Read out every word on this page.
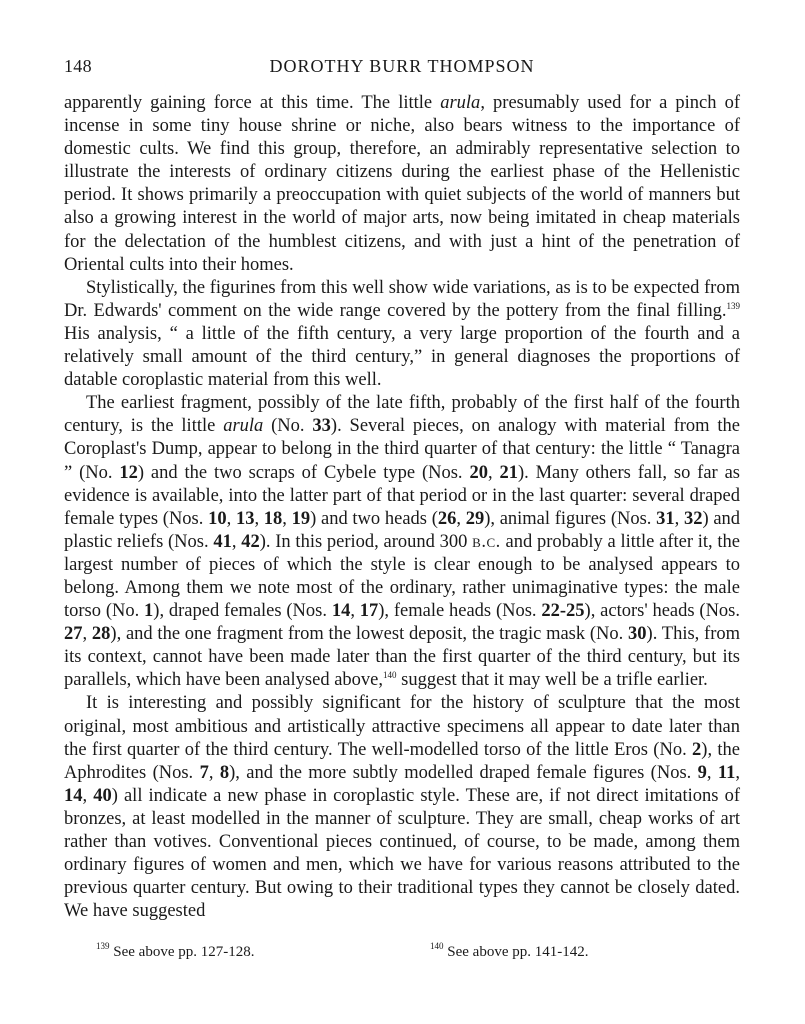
148	DOROTHY BURR THOMPSON

apparently gaining force at this time. The little arula, presumably used for a pinch of incense in some tiny house shrine or niche, also bears witness to the importance of domestic cults. We find this group, therefore, an admirably representative selection to illustrate the interests of ordinary citizens during the earliest phase of the Hellenistic period. It shows primarily a preoccupation with quiet subjects of the world of manners but also a growing interest in the world of major arts, now being imitated in cheap materials for the delectation of the humblest citizens, and with just a hint of the penetration of Oriental cults into their homes.

Stylistically, the figurines from this well show wide variations, as is to be expected from Dr. Edwards' comment on the wide range covered by the pottery from the final filling.$^{139}$ His analysis, “ a little of the fifth century, a very large proportion of the fourth and a relatively small amount of the third century,” in general diagnoses the proportions of datable coroplastic material from this well.

The earliest fragment, possibly of the late fifth, probably of the first half of the fourth century, is the little arula (No. 33). Several pieces, on analogy with material from the Coroplast's Dump, appear to belong in the third quarter of that century: the little “ Tanagra ” (No. 12) and the two scraps of Cybele type (Nos. 20, 21). Many others fall, so far as evidence is available, into the latter part of that period or in the last quarter: several draped female types (Nos. 10, 13, 18, 19) and two heads (26, 29), animal figures (Nos. 31, 32) and plastic reliefs (Nos. 41, 42). In this period, around 300 b.c. and probably a little after it, the largest number of pieces of which the style is clear enough to be analysed appears to belong. Among them we note most of the ordinary, rather unimaginative types: the male torso (No. 1), draped females (Nos. 14, 17), female heads (Nos. 22-25), actors' heads (Nos. 27, 28), and the one fragment from the lowest deposit, the tragic mask (No. 30). This, from its context, cannot have been made later than the first quarter of the third century, but its parallels, which have been analysed above,$^{140}$ suggest that it may well be a trifle earlier.

It is interesting and possibly significant for the history of sculpture that the most original, most ambitious and artistically attractive specimens all appear to date later than the first quarter of the third century. The well-modelled torso of the little Eros (No. 2), the Aphrodites (Nos. 7, 8), and the more subtly modelled draped female figures (Nos. 9, 11, 14, 40) all indicate a new phase in coroplastic style. These are, if not direct imitations of bronzes, at least modelled in the manner of sculpture. They are small, cheap works of art rather than votives. Conventional pieces continued, of course, to be made, among them ordinary figures of women and men, which we have for various reasons attributed to the previous quarter century. But owing to their traditional types they cannot be closely dated. We have suggested

$^{139}$ See above pp. 127-128.	$^{140}$ See above pp. 141-142.
